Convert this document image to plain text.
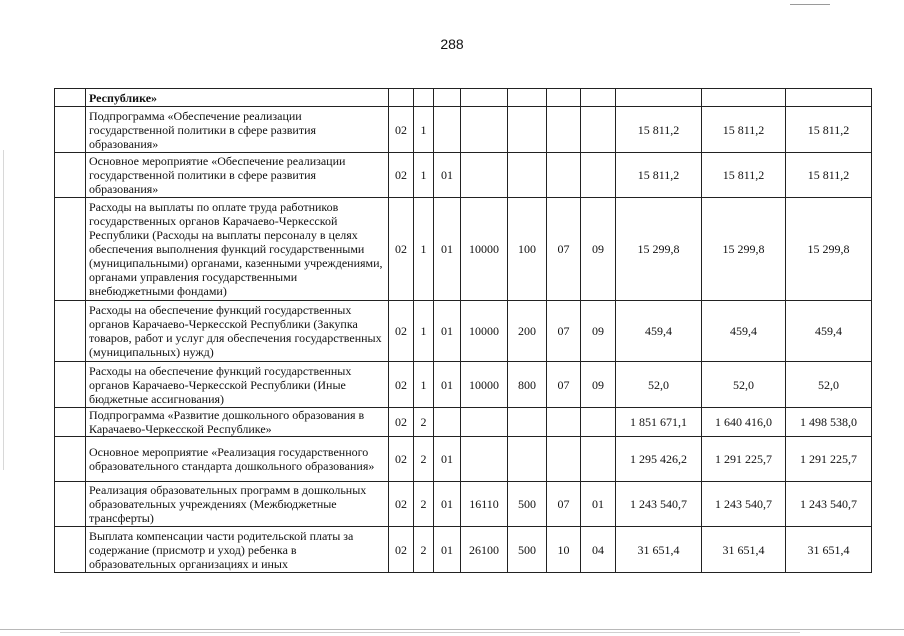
288
	Республике»										
	Подпрограмма «Обеспечение реализации государственной политики в сфере развития образования»	02	1						15 811,2	15 811,2	15 811,2
	Основное мероприятие «Обеспечение реализации государственной политики в сфере развития образования»	02	1	01					15 811,2	15 811,2	15 811,2
	Расходы на выплаты по оплате труда работников государственных органов Карачаево-Черкесской Республики (Расходы на выплаты персоналу в целях обеспечения выполнения функций государственными (муниципальными) органами, казенными учреждениями, органами управления государственными внебюджетными фондами)	02	1	01	10000	100	07	09	15 299,8	15 299,8	15 299,8
	Расходы на обеспечение функций государственных органов Карачаево-Черкесской Республики (Закупка товаров, работ и услуг для обеспечения государственных (муниципальных) нужд)	02	1	01	10000	200	07	09	459,4	459,4	459,4
	Расходы на обеспечение функций государственных органов Карачаево-Черкесской Республики (Иные бюджетные ассигнования)	02	1	01	10000	800	07	09	52,0	52,0	52,0
	Подпрограмма «Развитие дошкольного образования в Карачаево-Черкесской Республике»	02	2						1 851 671,1	1 640 416,0	1 498 538,0
	Основное мероприятие «Реализация государственного образовательного стандарта дошкольного образования»	02	2	01					1 295 426,2	1 291 225,7	1 291 225,7
	Реализация образовательных программ в дошкольных образовательных учреждениях (Межбюджетные трансферты)	02	2	01	16110	500	07	01	1 243 540,7	1 243 540,7	1 243 540,7
	Выплата компенсации части родительской платы за содержание (присмотр и уход) ребенка в образовательных организациях и иных	02	2	01	26100	500	10	04	31 651,4	31 651,4	31 651,4
